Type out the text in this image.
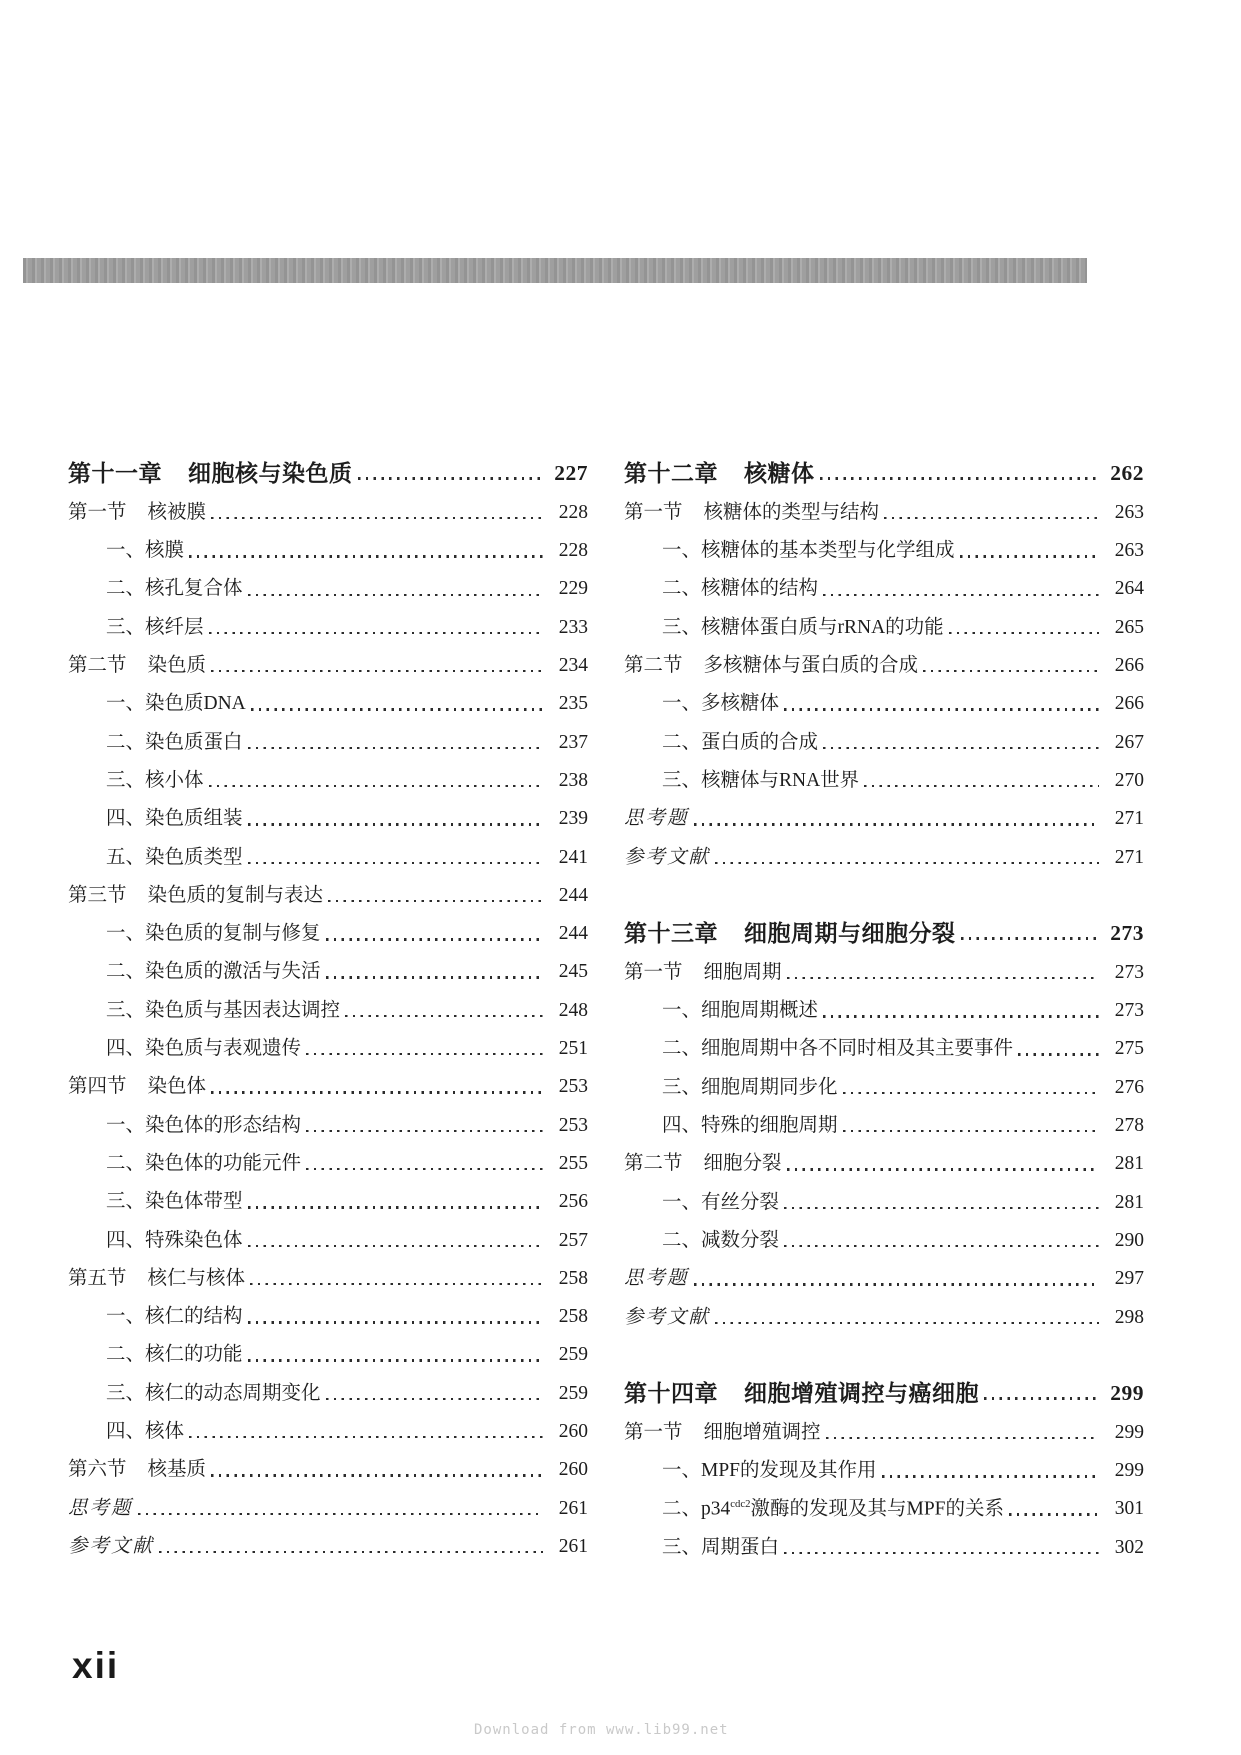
第十一章 细胞核与染色质	227
第一节 核被膜	228
一、核膜	228
二、核孔复合体	229
三、核纤层	233
第二节 染色质	234
一、染色质DNA	235
二、染色质蛋白	237
三、核小体	238
四、染色质组装	239
五、染色质类型	241
第三节 染色质的复制与表达	244
一、染色质的复制与修复	244
二、染色质的激活与失活	245
三、染色质与基因表达调控	248
四、染色质与表观遗传	251
第四节 染色体	253
一、染色体的形态结构	253
二、染色体的功能元件	255
三、染色体带型	256
四、特殊染色体	257
第五节 核仁与核体	258
一、核仁的结构	258
二、核仁的功能	259
三、核仁的动态周期变化	259
四、核体	260
第六节 核基质	260
思考题	261
参考文献	261
第十二章 核糖体	262
第一节 核糖体的类型与结构	263
一、核糖体的基本类型与化学组成	263
二、核糖体的结构	264
三、核糖体蛋白质与rRNA的功能	265
第二节 多核糖体与蛋白质的合成	266
一、多核糖体	266
二、蛋白质的合成	267
三、核糖体与RNA世界	270
思考题	271
参考文献	271
第十三章 细胞周期与细胞分裂	273
第一节 细胞周期	273
一、细胞周期概述	273
二、细胞周期中各不同时相及其主要事件	275
三、细胞周期同步化	276
四、特殊的细胞周期	278
第二节 细胞分裂	281
一、有丝分裂	281
二、减数分裂	290
思考题	297
参考文献	298
第十四章 细胞增殖调控与癌细胞	299
第一节 细胞增殖调控	299
一、MPF的发现及其作用	299
二、$p34^{cdc2}$激酶的发现及其与MPF的关系	301
三、周期蛋白	302
xii
Download from www.lib99.net
